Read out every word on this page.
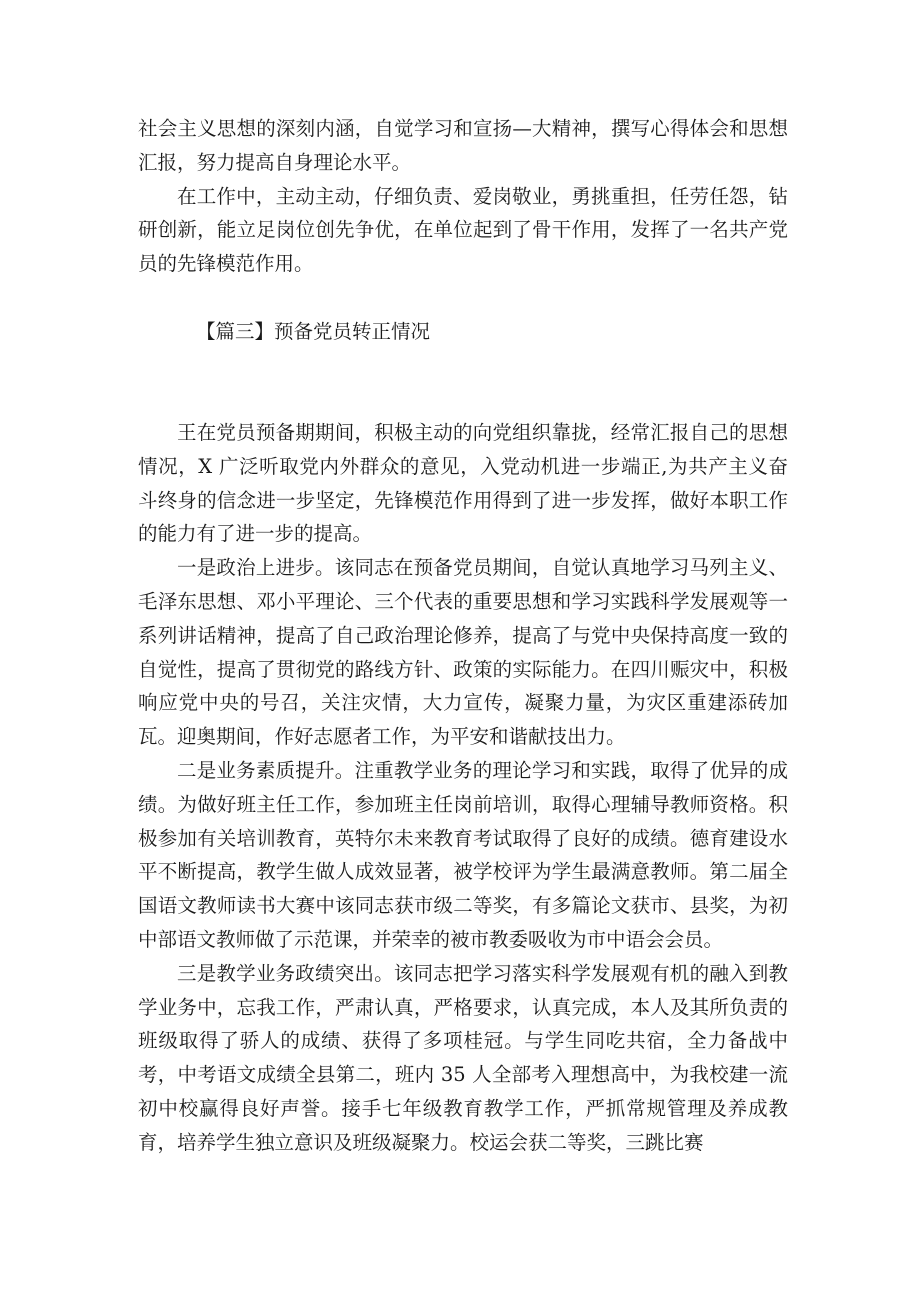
社会主义思想的深刻内涵，自觉学习和宣扬—大精神，撰写心得体会和思想汇报，努力提高自身理论水平。

在工作中，主动主动，仔细负责、爱岗敬业，勇挑重担，任劳任怨，钻研创新，能立足岗位创先争优，在单位起到了骨干作用，发挥了一名共产党员的先锋模范作用。

【篇三】预备党员转正情况

王在党员预备期期间，积极主动的向党组织靠拢，经常汇报自己的思想情况，X 广泛听取党内外群众的意见，入党动机进一步端正,为共产主义奋斗终身的信念进一步坚定，先锋模范作用得到了进一步发挥，做好本职工作的能力有了进一步的提高。

一是政治上进步。该同志在预备党员期间，自觉认真地学习马列主义、毛泽东思想、邓小平理论、三个代表的重要思想和学习实践科学发展观等一系列讲话精神，提高了自己政治理论修养，提高了与党中央保持高度一致的自觉性，提高了贯彻党的路线方针、政策的实际能力。在四川赈灾中，积极响应党中央的号召，关注灾情，大力宣传，凝聚力量，为灾区重建添砖加瓦。迎奥期间，作好志愿者工作，为平安和谐献技出力。

二是业务素质提升。注重教学业务的理论学习和实践，取得了优异的成绩。为做好班主任工作，参加班主任岗前培训，取得心理辅导教师资格。积极参加有关培训教育，英特尔未来教育考试取得了良好的成绩。德育建设水平不断提高，教学生做人成效显著，被学校评为学生最满意教师。第二届全国语文教师读书大赛中该同志获市级二等奖，有多篇论文获市、县奖，为初中部语文教师做了示范课，并荣幸的被市教委吸收为市中语会会员。

三是教学业务政绩突出。该同志把学习落实科学发展观有机的融入到教学业务中，忘我工作，严肃认真，严格要求，认真完成，本人及其所负责的班级取得了骄人的成绩、获得了多项桂冠。与学生同吃共宿，全力备战中考，中考语文成绩全县第二，班内 35 人全部考入理想高中，为我校建一流初中校赢得良好声誉。接手七年级教育教学工作，严抓常规管理及养成教育，培养学生独立意识及班级凝聚力。校运会获二等奖，三跳比赛
